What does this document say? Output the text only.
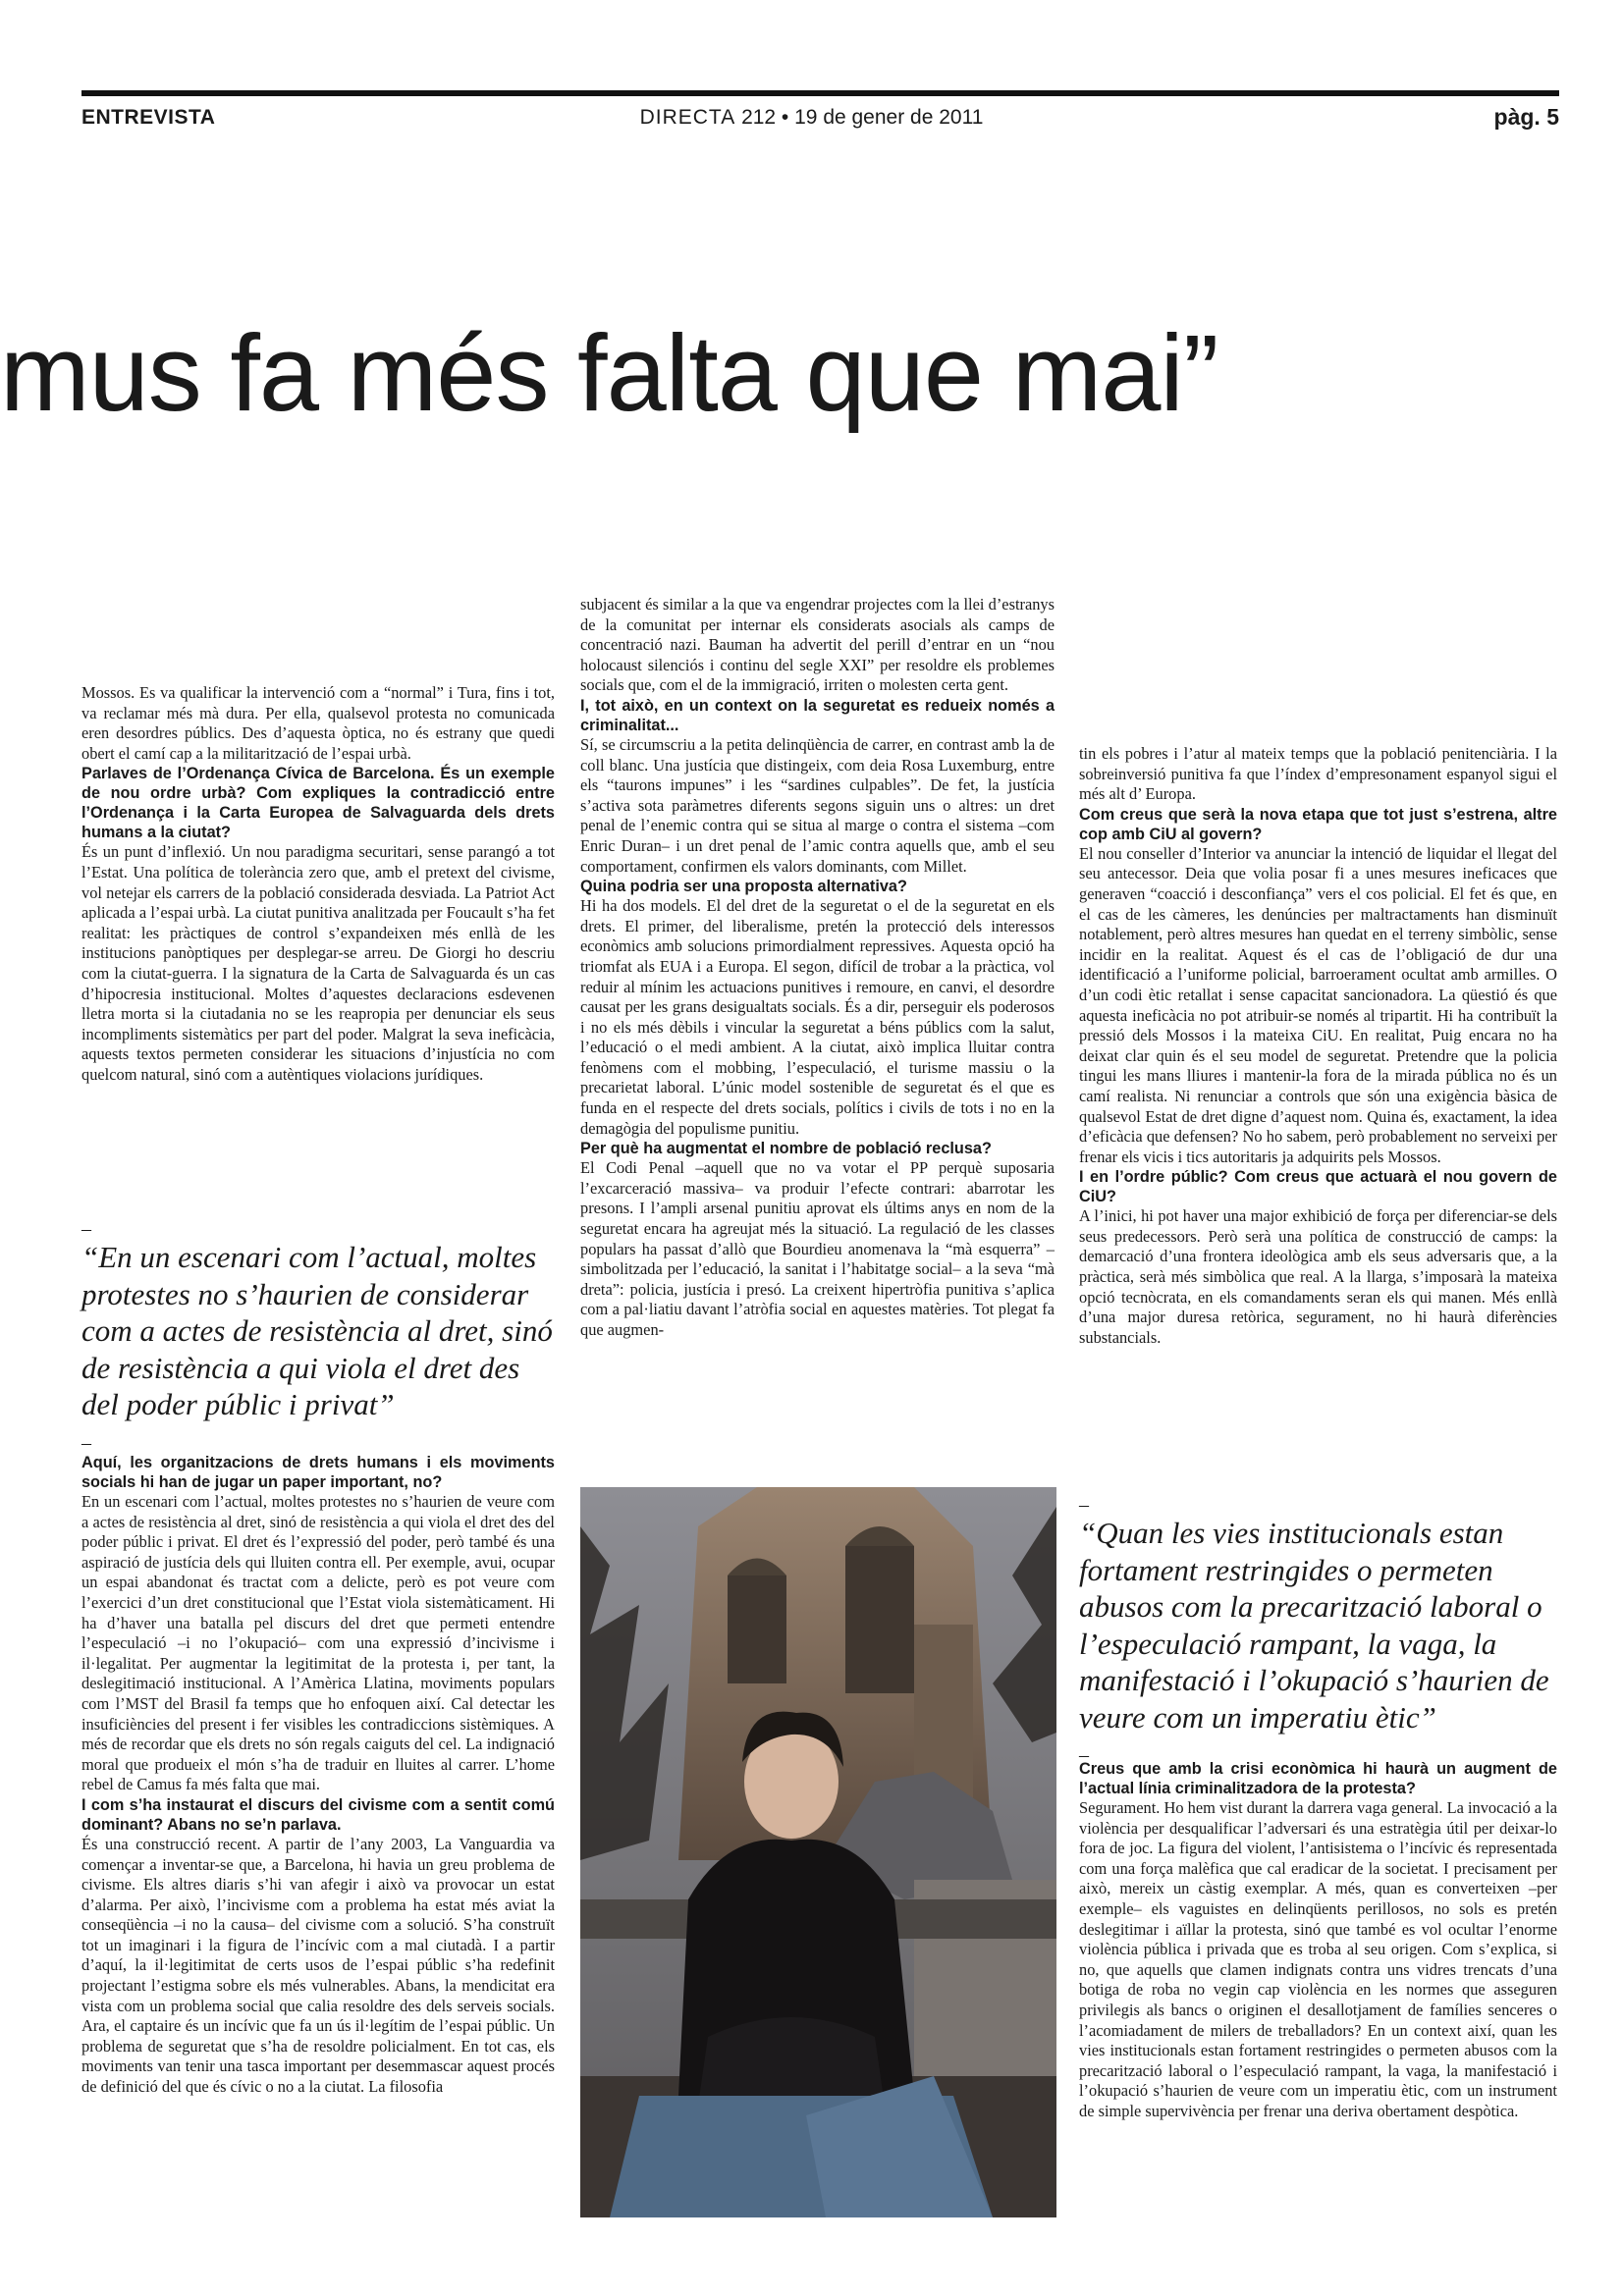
ENTREVISTA	DIRECTA 212 • 19 de gener de 2011	pàg. 5
mus fa més falta que mai”

Mossos. Es va qualificar la intervenció com a “normal” i Tura, fins i tot, va reclamar més mà dura. Per ella, qualsevol protesta no comunicada eren desordres públics. Des d’aquesta òptica, no és estrany que quedi obert el camí cap a la militarització de l’espai urbà.

Parlaves de l’Ordenança Cívica de Barcelona. És un exemple de nou ordre urbà? Com expliques la contradicció entre l’Ordenança i la Carta Europea de Salvaguarda dels drets humans a la ciutat?

És un punt d’inflexió. Un nou paradigma securitari, sense parangó a tot l’Estat. Una política de tolerància zero que, amb el pretext del civisme, vol netejar els carrers de la població considerada desviada. La Patriot Act aplicada a l’espai urbà. La ciutat punitiva analitzada per Foucault s’ha fet realitat: les pràctiques de control s’expandeixen més enllà de les institucions panòptiques per desplegar-se arreu. De Giorgi ho descriu com la ciutat-guerra. I la signatura de la Carta de Salvaguarda és un cas d’hipocresia institucional. Moltes d’aquestes declaracions esdevenen lletra morta si la ciutadania no se les reapropia per denunciar els seus incompliments sistemàtics per part del poder. Malgrat la seva ineficàcia, aquests textos permeten considerar les situacions d’injustícia no com quelcom natural, sinó com a autèntiques violacions jurídiques.

–
“En un escenari com l’actual, moltes protestes no s’haurien de considerar com a actes de resistència al dret, sinó de resistència a qui viola el dret des del poder públic i privat”
–

Aquí, les organitzacions de drets humans i els moviments socials hi han de jugar un paper important, no?

En un escenari com l’actual, moltes protestes no s’haurien de veure com a actes de resistència al dret, sinó de resistència a qui viola el dret des del poder públic i privat. El dret és l’expressió del poder, però també és una aspiració de justícia dels qui lluiten contra ell. Per exemple, avui, ocupar un espai abandonat és tractat com a delicte, però es pot veure com l’exercici d’un dret constitucional que l’Estat viola sistemàticament. Hi ha d’haver una batalla pel discurs del dret que permeti entendre l’especulació –i no l’okupació– com una expressió d’incivisme i il·legalitat. Per augmentar la legitimitat de la protesta i, per tant, la deslegitimació institucional. A l’Amèrica Llatina, moviments populars com l’MST del Brasil fa temps que ho enfoquen així. Cal detectar les insuficiències del present i fer visibles les contradiccions sistèmiques. A més de recordar que els drets no són regals caiguts del cel. La indignació moral que produeix el món s’ha de traduir en lluites al carrer. L’home rebel de Camus fa més falta que mai.

I com s’ha instaurat el discurs del civisme com a sentit comú dominant? Abans no se’n parlava.

És una construcció recent. A partir de l’any 2003, La Vanguardia va començar a inventar-se que, a Barcelona, hi havia un greu problema de civisme. Els altres diaris s’hi van afegir i això va provocar un estat d’alarma. Per això, l’incivisme com a problema ha estat més aviat la conseqüència –i no la causa– del civisme com a solució. S’ha construït tot un imaginari i la figura de l’incívic com a mal ciutadà. I a partir d’aquí, la il·legitimitat de certs usos de l’espai públic s’ha redefinit projectant l’estigma sobre els més vulnerables. Abans, la mendicitat era vista com un problema social que calia resoldre des dels serveis socials. Ara, el captaire és un incívic que fa un ús il·legítim de l’espai públic. Un problema de seguretat que s’ha de resoldre policialment. En tot cas, els moviments van tenir una tasca important per desemmascar aquest procés de definició del que és cívic o no a la ciutat. La filosofia

subjacent és similar a la que va engendrar projectes com la llei d’estranys de la comunitat per internar els considerats asocials als camps de concentració nazi. Bauman ha advertit del perill d’entrar en un “nou holocaust silenciós i continu del segle XXI” per resoldre els problemes socials que, com el de la immigració, irriten o molesten certa gent.

I, tot això, en un context on la seguretat es redueix només a criminalitat...

Sí, se circumscriu a la petita delinqüència de carrer, en contrast amb la de coll blanc. Una justícia que distingeix, com deia Rosa Luxemburg, entre els “taurons impunes” i les “sardines culpables”. De fet, la justícia s’activa sota paràmetres diferents segons siguin uns o altres: un dret penal de l’enemic contra qui se situa al marge o contra el sistema –com Enric Duran– i un dret penal de l’amic contra aquells que, amb el seu comportament, confirmen els valors dominants, com Millet.

Quina podria ser una proposta alternativa?

Hi ha dos models. El del dret de la seguretat o el de la seguretat en els drets. El primer, del liberalisme, pretén la protecció dels interessos econòmics amb solucions primordialment repressives. Aquesta opció ha triomfat als EUA i a Europa. El segon, difícil de trobar a la pràctica, vol reduir al mínim les actuacions punitives i remoure, en canvi, el desordre causat per les grans desigualtats socials. És a dir, perseguir els poderosos i no els més dèbils i vincular la seguretat a béns públics com la salut, l’educació o el medi ambient. A la ciutat, això implica lluitar contra fenòmens com el mobbing, l’especulació, el turisme massiu o la precarietat laboral. L’únic model sostenible de seguretat és el que es funda en el respecte del drets socials, polítics i civils de tots i no en la demagògia del populisme punitiu.

Per què ha augmentat el nombre de població reclusa?

El Codi Penal –aquell que no va votar el PP perquè suposaria l’excarceració massiva– va produir l’efecte contrari: abarrotar les presons. I l’ampli arsenal punitiu aprovat els últims anys en nom de la seguretat encara ha agreujat més la situació. La regulació de les classes populars ha passat d’allò que Bourdieu anomenava la “mà esquerra” –simbolitzada per l’educació, la sanitat i l’habitatge social– a la seva “mà dreta”: policia, justícia i presó. La creixent hipertròfia punitiva s’aplica com a pal·liatiu davant l’atròfia social en aquestes matèries. Tot plegat fa que augmen-

tin els pobres i l’atur al mateix temps que la població penitenciària. I la sobreinversió punitiva fa que l’índex d’empresonament espanyol sigui el més alt d’ Europa.

Com creus que serà la nova etapa que tot just s’estrena, altre cop amb CiU al govern?

El nou conseller d’Interior va anunciar la intenció de liquidar el llegat del seu antecessor. Deia que volia posar fi a unes mesures ineficaces que generaven “coacció i desconfiança” vers el cos policial. El fet és que, en el cas de les càmeres, les denúncies per maltractaments han disminuït notablement, però altres mesures han quedat en el terreny simbòlic, sense incidir en la realitat. Aquest és el cas de l’obligació de dur una identificació a l’uniforme policial, barroerament ocultat amb armilles. O d’un codi ètic retallat i sense capacitat sancionadora. La qüestió és que aquesta ineficàcia no pot atribuir-se només al tripartit. Hi ha contribuït la pressió dels Mossos i la mateixa CiU. En realitat, Puig encara no ha deixat clar quin és el seu model de seguretat. Pretendre que la policia tingui les mans lliures i mantenir-la fora de la mirada pública no és un camí realista. Ni renunciar a controls que són una exigència bàsica de qualsevol Estat de dret digne d’aquest nom. Quina és, exactament, la idea d’eficàcia que defensen? No ho sabem, però probablement no serveixi per frenar els vicis i tics autoritaris ja adquirits pels Mossos.

I en l’ordre públic? Com creus que actuarà el nou govern de CiU?

A l’inici, hi pot haver una major exhibició de força per diferenciar-se dels seus predecessors. Però serà una política de construcció de camps: la demarcació d’una frontera ideològica amb els seus adversaris que, a la pràctica, serà més simbòlica que real. A la llarga, s’imposarà la mateixa opció tecnòcrata, en els comandaments seran els qui manen. Més enllà d’una major duresa retòrica, segurament, no hi haurà diferències substancials.

–
“Quan les vies institucionals estan fortament restringides o permeten abusos com la precarització laboral o l’especulació rampant, la vaga, la manifestació i l’okupació s’haurien de veure com un imperatiu ètic”
–

Creus que amb la crisi econòmica hi haurà un augment de l’actual línia criminalitzadora de la protesta?

Segurament. Ho hem vist durant la darrera vaga general. La invocació a la violència per desqualificar l’adversari és una estratègia útil per deixar-lo fora de joc. La figura del violent, l’antisistema o l’incívic és representada com una força malèfica que cal eradicar de la societat. I precisament per això, mereix un càstig exemplar. A més, quan es converteixen –per exemple– els vaguistes en delinqüents perillosos, no sols es pretén deslegitimar i aïllar la protesta, sinó que també es vol ocultar l’enorme violència pública i privada que es troba al seu origen. Com s’explica, si no, que aquells que clamen indignats contra uns vidres trencats d’una botiga de roba no vegin cap violència en les normes que asseguren privilegis als bancs o originen el desallotjament de famílies senceres o l’acomiadament de milers de treballadors? En un context així, quan les vies institucionals estan fortament restringides o permeten abusos com la precarització laboral o l’especulació rampant, la vaga, la manifestació i l’okupació s’haurien de veure com un imperatiu ètic, com un instrument de simple supervivència per frenar una deriva obertament despòtica.
